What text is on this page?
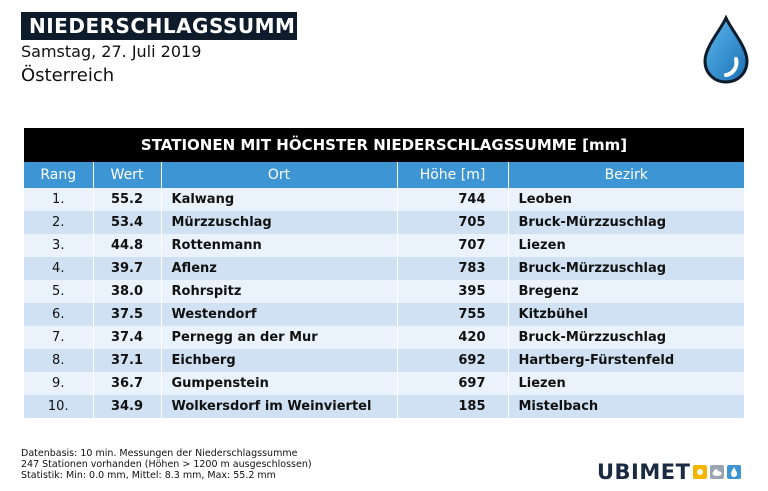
NIEDERSCHLAGSSUMME
Samstag, 27. Juli 2019
Österreich
STATIONEN MIT HÖCHSTER NIEDERSCHLAGSSUMME [mm]
Rang	Wert	Ort	Höhe [m]	Bezirk
1.	55.2	Kalwang	744	Leoben
2.	53.4	Mürzzuschlag	705	Bruck-Mürzzuschlag
3.	44.8	Rottenmann	707	Liezen
4.	39.7	Aflenz	783	Bruck-Mürzzuschlag
5.	38.0	Rohrspitz	395	Bregenz
6.	37.5	Westendorf	755	Kitzbühel
7.	37.4	Pernegg an der Mur	420	Bruck-Mürzzuschlag
8.	37.1	Eichberg	692	Hartberg-Fürstenfeld
9.	36.7	Gumpenstein	697	Liezen
10.	34.9	Wolkersdorf im Weinviertel	185	Mistelbach
Datenbasis: 10 min. Messungen der Niederschlagssumme
247 Stationen vorhanden (Höhen > 1200 m ausgeschlossen)
Statistik: Min: 0.0 mm, Mittel: 8.3 mm, Max: 55.2 mm	UBIMET
